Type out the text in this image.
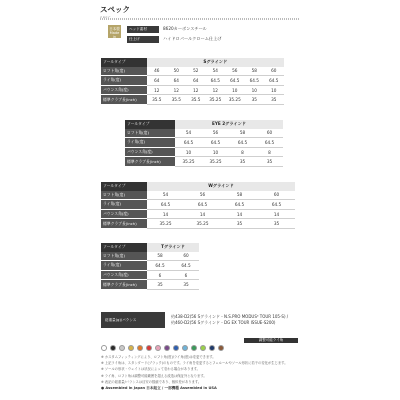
スペック
日本製
Made in JAPAN
ヘッド素材	8620カーボンスチール
仕上げ	ハイドロパールクローム仕上げ
ソールタイプ	Sグラインド						
ロフト角(度)	46	50	52	54	56	58	60
ライ角(度)	64	64	64	64.5	64.5	64.5	64.5
バウンス角(度)	12	12	12	12	10	10	10
標準クラブ長(inch)	35.5	35.5	35.5	35.25	35.25	35	35
ソールタイプ	EYE 2グラインド			
ロフト角(度)	54	56	58	60
ライ角(度)	64.5	64.5	64.5	64.5
バウンス角(度)	10	10	8	8
標準クラブ長(inch)	35.25	35.25	35	35
ソールタイプ	Wグラインド			
ロフト角(度)	54	56	58	60
ライ角(度)	64.5	64.5	64.5	64.5
バウンス角(度)	14	14	14	14
標準クラブ長(inch)	35.25	35.25	35	35
ソールタイプ	Tグラインド	
ロフト角(度)	58	60
ライ角(度)	64.5	64.5
バウンス角(度)	6	6
標準クラブ長(inch)	35	35
総重量(g)/バランス
約438-D2(56 Sグラインド・N.S.PRO MODUS³ TOUR 105-S) /
約460-D2(56 Sグラインド・DG EX TOUR ISSUE-S200)
調整可能ライ角
※ カスタムフィッティングにより、ロフト角(度)/ライ角(度)は変更できます。
※ 上記ライ角は、スタンダード(ブラック)のものです。ライ角を変更するとフェルールやソール形状に若干の変化が生じます。
※ ソールの形状・ウェイトは状況によって変わる場合があります。
※ ライ角、ロフト角は調整可能範囲を超える改造は保証外となります。
※ 表記の総重量/バランスは目安の数値であり、個体差があります。
● Assembled in Japan 日本組立 / 一部機種 Assembled in USA
